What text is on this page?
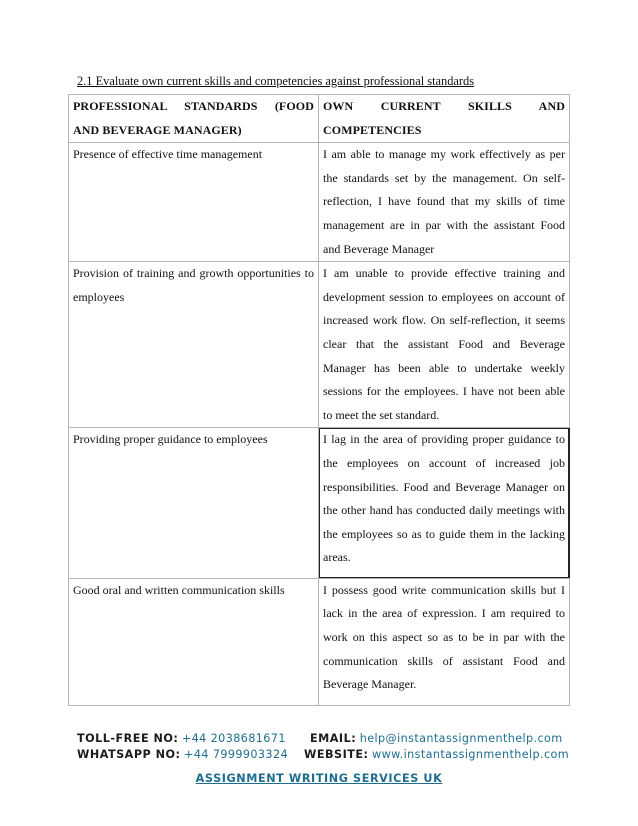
2.1 Evaluate own current skills and competencies against professional standards
PROFESSIONAL STANDARDS (FOOD AND BEVERAGE MANAGER)	OWN CURRENT SKILLS AND COMPETENCIES
Presence of effective time management	I am able to manage my work effectively as per the standards set by the management. On self-reflection, I have found that my skills of time management are in par with the assistant Food and Beverage Manager
Provision of training and growth opportunities to employees	I am unable to provide effective training and development session to employees on account of increased work flow. On self-reflection, it seems clear that the assistant Food and Beverage Manager has been able to undertake weekly sessions for the employees. I have not been able to meet the set standard.
Providing proper guidance to employees	I lag in the area of providing proper guidance to the employees on account of increased job responsibilities. Food and Beverage Manager on the other hand has conducted daily meetings with the employees so as to guide them in the lacking areas.
Good oral and written communication skills	I possess good write communication skills but I lack in the area of expression. I am required to work on this aspect so as to be in par with the communication skills of assistant Food and Beverage Manager.
TOLL-FREE NO: +44 2038681671 EMAIL: help@instantassignmenthelp.com
WHATSAPP NO: +44 7999903324 WEBSITE: www.instantassignmenthelp.com
ASSIGNMENT WRITING SERVICES UK
